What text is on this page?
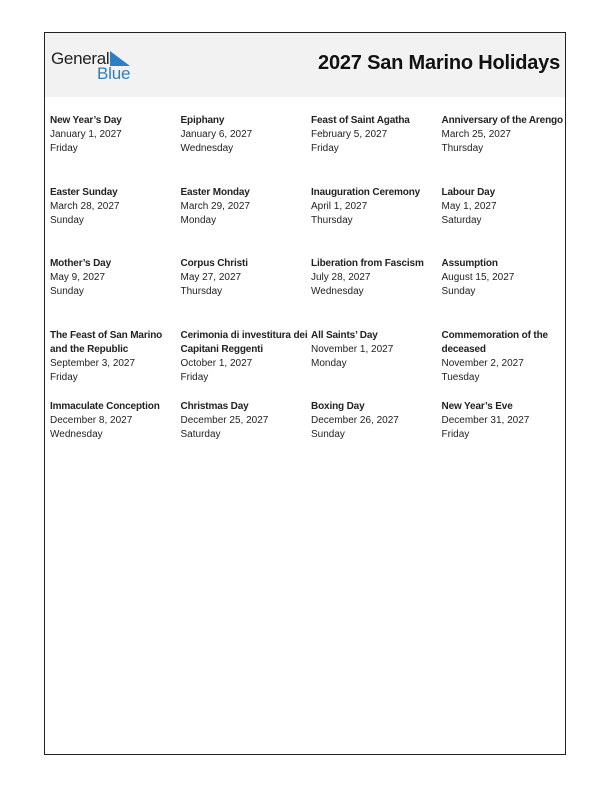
General
Blue	2027 San Marino Holidays
New Year’s Day
January 1, 2027
Friday
Epiphany
January 6, 2027
Wednesday
Feast of Saint Agatha
February 5, 2027
Friday
Anniversary of the Arengo
March 25, 2027
Thursday
Easter Sunday
March 28, 2027
Sunday
Easter Monday
March 29, 2027
Monday
Inauguration Ceremony
April 1, 2027
Thursday
Labour Day
May 1, 2027
Saturday
Mother’s Day
May 9, 2027
Sunday
Corpus Christi
May 27, 2027
Thursday
Liberation from Fascism
July 28, 2027
Wednesday
Assumption
August 15, 2027
Sunday
The Feast of San Marino and the Republic
September 3, 2027
Friday
Cerimonia di investitura dei Capitani Reggenti
October 1, 2027
Friday
All Saints’ Day
November 1, 2027
Monday
Commemoration of the deceased
November 2, 2027
Tuesday
Immaculate Conception
December 8, 2027
Wednesday
Christmas Day
December 25, 2027
Saturday
Boxing Day
December 26, 2027
Sunday
New Year’s Eve
December 31, 2027
Friday
